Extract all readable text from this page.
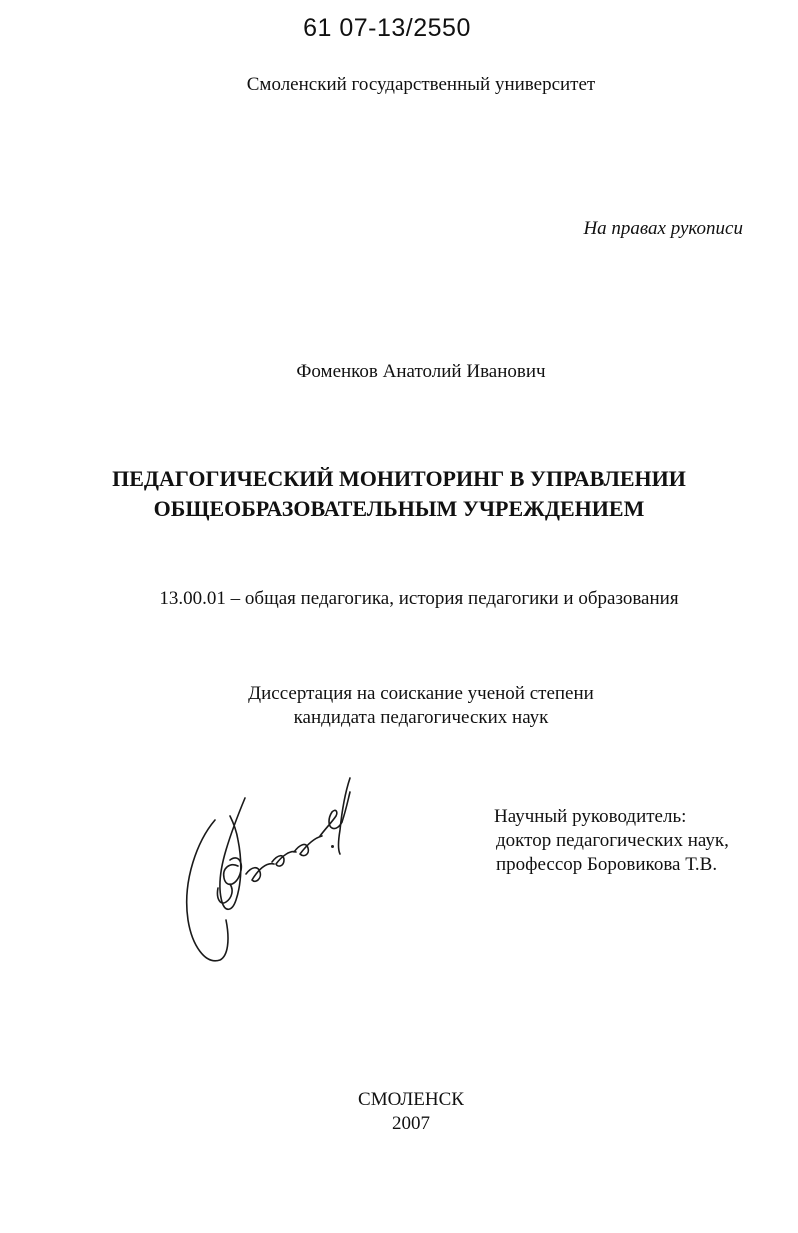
61 07-13/2550
Смоленский государственный университет
На правах рукописи
Фоменков Анатолий Иванович
ПЕДАГОГИЧЕСКИЙ МОНИТОРИНГ В УПРАВЛЕНИИ
ОБЩЕОБРАЗОВАТЕЛЬНЫМ УЧРЕЖДЕНИЕМ
13.00.01 – общая педагогика, история педагогики и образования
Диссертация на соискание ученой степени
кандидата педагогических наук
Научный руководитель:
доктор педагогических наук,
профессор Боровикова Т.В.
СМОЛЕНСК
2007
